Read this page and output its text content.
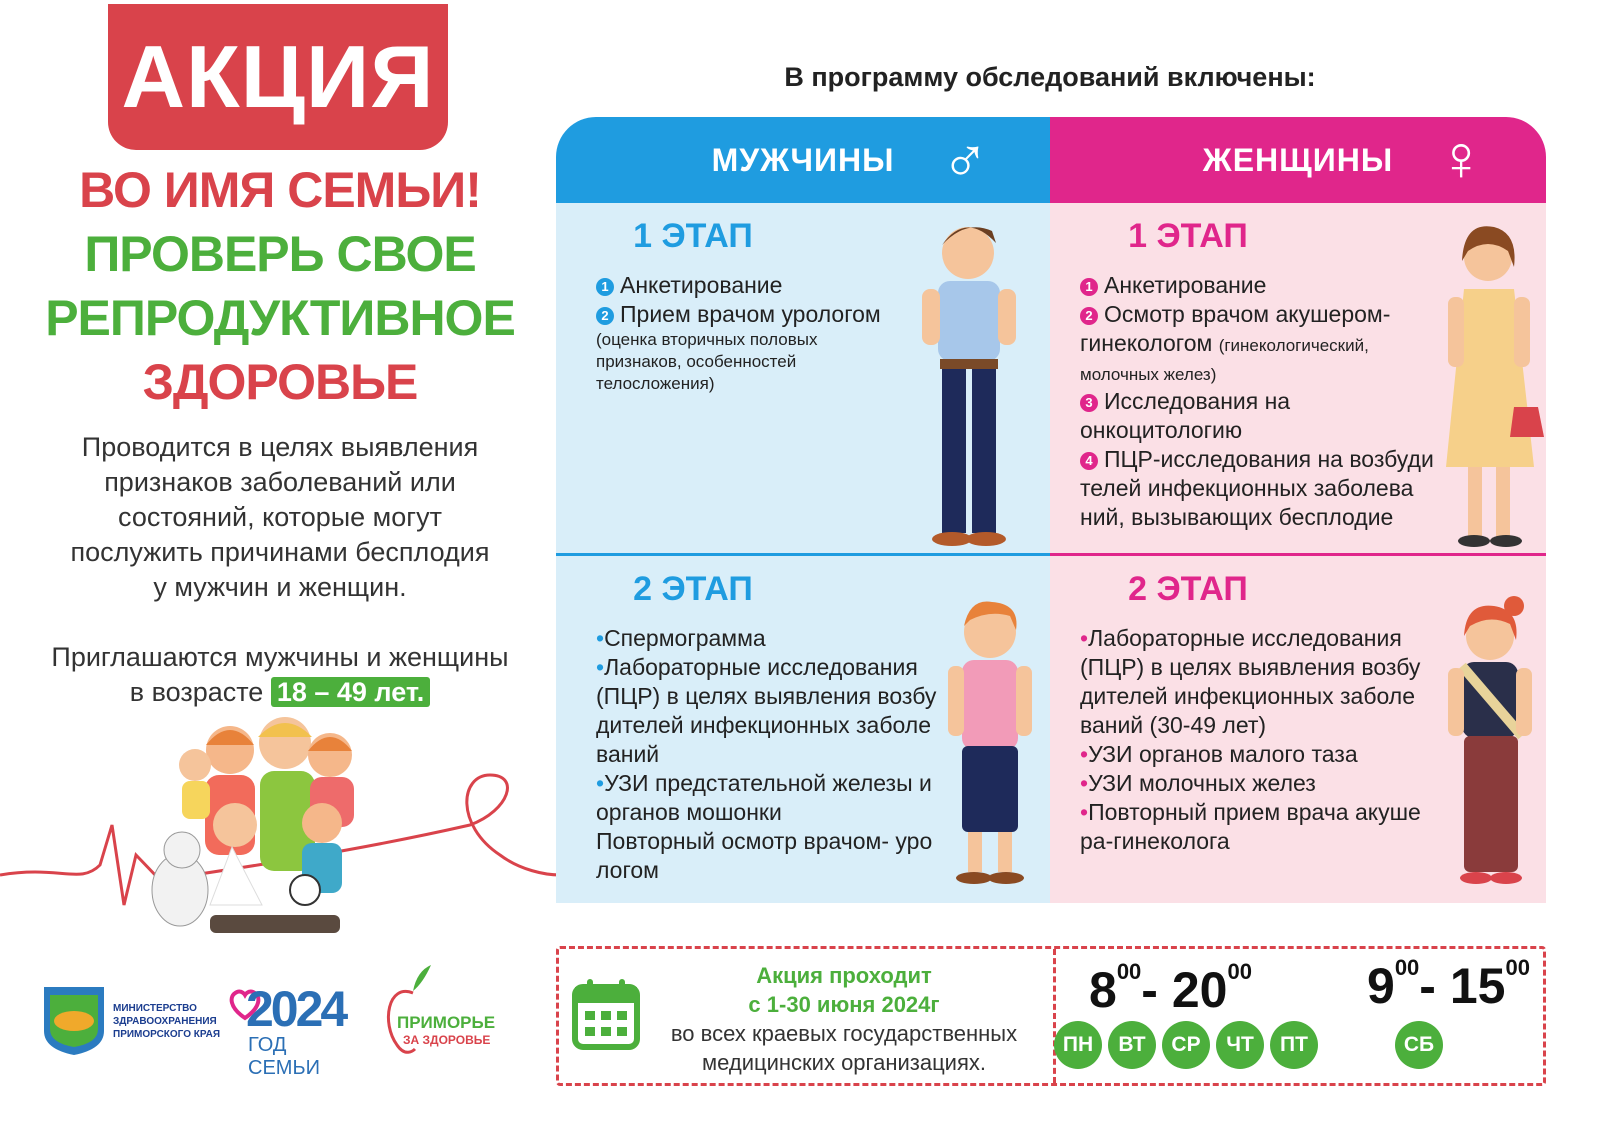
АКЦИЯ
ВО ИМЯ СЕМЬИ!
ПРОВЕРЬ СВОЕ
РЕПРОДУКТИВНОЕ
ЗДОРОВЬЕ
Проводится в целях выявления
признаков заболеваний или
состояний, которые могут
послужить причинами бесплодия
у мужчин и женщин.
Приглашаются мужчины и женщины
в возрасте 18 – 49 лет.
МИНИСТЕРСТВО
ЗДРАВООХРАНЕНИЯ
ПРИМОРСКОГО КРАЯ 2024
ГОД СЕМЬИ
ПРИМОРЬЕ
ЗА ЗДОРОВЬЕ
В программу обследований включены:
МУЖЧИНЫ ♂	ЖЕНЩИНЫ ♀
1 ЭТАП
1 Анкетирование
2 Прием врачом урологом
(оценка вторичных половых признаков, особенностей телосложения)
1 ЭТАП
1 Анкетирование
2 Осмотр врачом акушером- гинекологом (гинекологический, молочных желез)
3 Исследования на онкоцитологию
4 ПЦР-исследования на возбуди телей инфекционных заболева ний, вызывающих бесплодие
2 ЭТАП
•Спермограмма
•Лабораторные исследования (ПЦР) в целях выявления возбу дителей инфекционных заболе ваний
•УЗИ предстательной железы и органов мошонки
Повторный осмотр врачом- уро логом
2 ЭТАП
•Лабораторные исследования (ПЦР) в целях выявления возбу дителей инфекционных заболе ваний (30-49 лет)
•УЗИ органов малого таза
•УЗИ молочных желез
•Повторный прием врача акуше ра-гинеколога
Акция проходит
с 1-30 июня 2024г
во всех краевых государственных
медицинских организациях.
$8^{00}-$ $20^{00}$ $9^{00}-$ $15^{00}$
ПН	ВТ	СР	ЧТ	ПТ	СБ
